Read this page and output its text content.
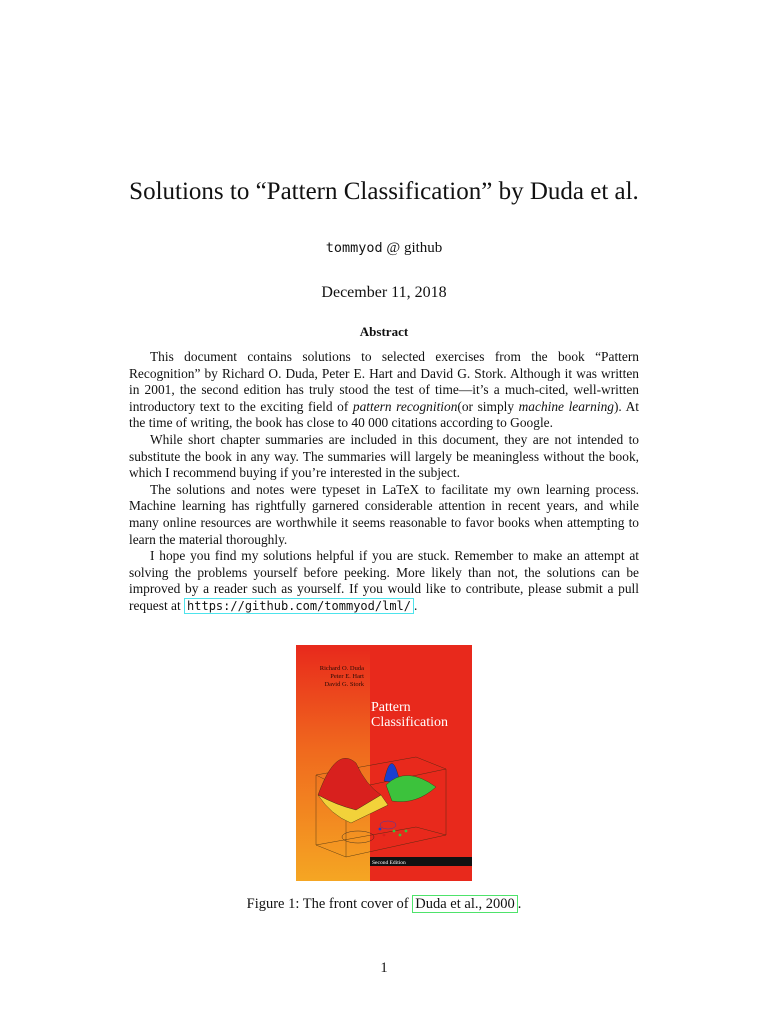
Solutions to “Pattern Classification” by Duda et al.
tommyod @ github
December 11, 2018
Abstract

This document contains solutions to selected exercises from the book “Pattern Recognition” by Richard O. Duda, Peter E. Hart and David G. Stork. Although it was written in 2001, the second edition has truly stood the test of time—it’s a much-cited, well-written introductory text to the exciting field of pattern recognition(or simply machine learning). At the time of writing, the book has close to 40 000 citations according to Google.

While short chapter summaries are included in this document, they are not intended to substitute the book in any way. The summaries will largely be meaningless without the book, which I recommend buying if you’re interested in the subject.

The solutions and notes were typeset in LaTeX to facilitate my own learning process. Machine learning has rightfully garnered considerable attention in recent years, and while many online resources are worthwhile it seems reasonable to favor books when attempting to learn the material thoroughly.

I hope you find my solutions helpful if you are stuck. Remember to make an attempt at solving the problems yourself before peeking. More likely than not, the solutions can be improved by a reader such as yourself. If you would like to contribute, please submit a pull request at https://github.com/tommyod/lml/ .

Richard O. Duda
Peter E. Hart
David G. Stork
Pattern
Classification
Second Edition
Figure 1: The front cover of Duda et al., 2000 .
1
